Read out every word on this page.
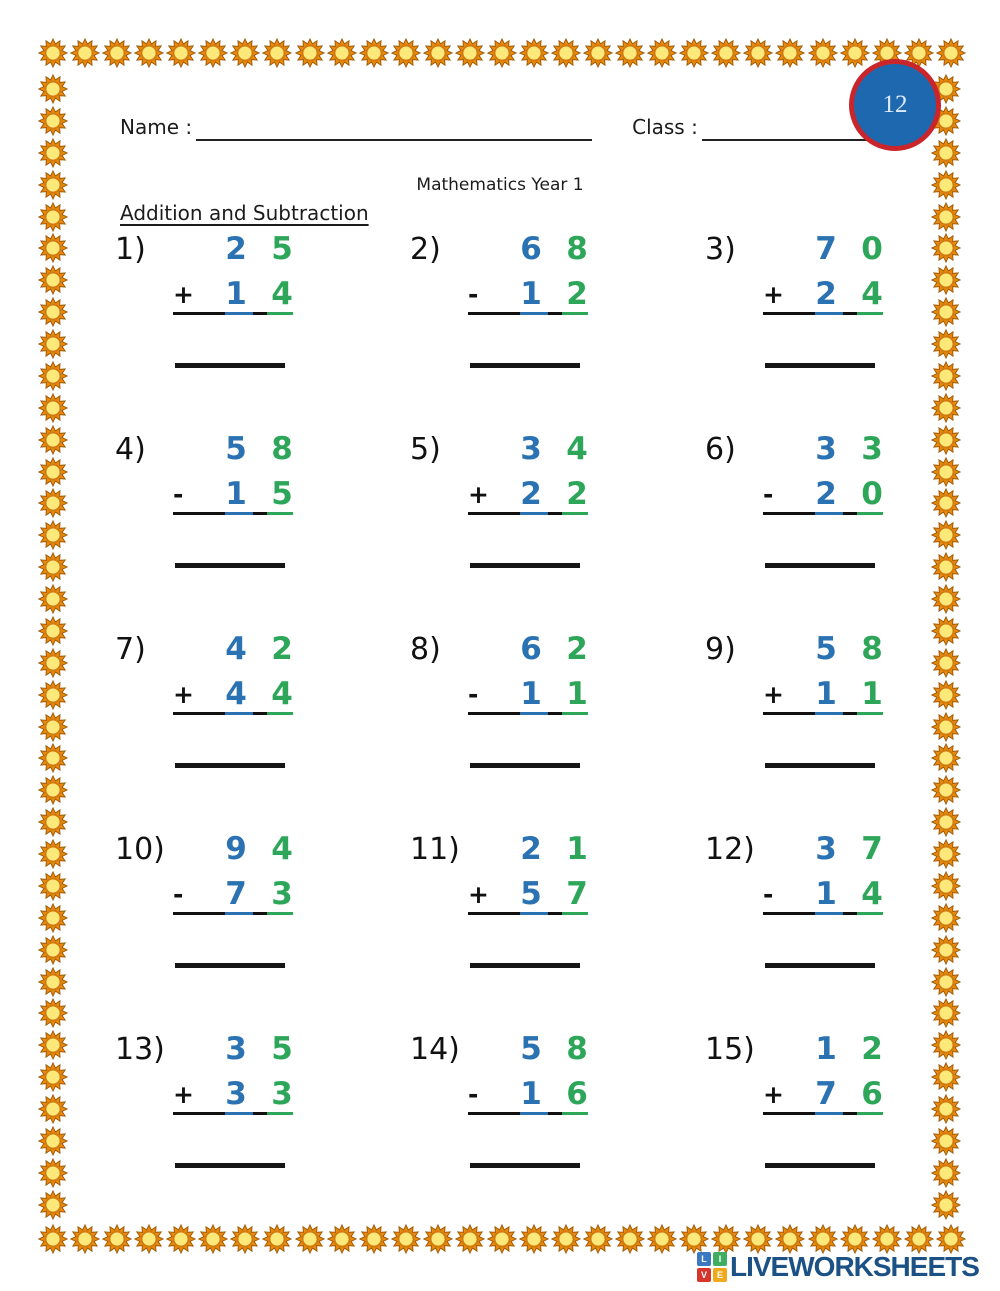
12
Name :	Class :
Mathematics Year 1
Addition and Subtraction
1)	2 5
+	1 4
2)	6 8
-	1 2
3)	7 0
+	2 4
4)	5 8
-	1 5
5)	3 4
+	2 2
6)	3 3
-	2 0
7)	4 2
+	4 4
8)	6 2
-	1 1
9)	5 8
+	1 1
10)	9 4
-	7 3
11)	2 1
+	5 7
12)	3 7
-	1 4
13)	3 5
+	3 3
14)	5 8
-	1 6
15)	1 2
+	7 6
L	I
V	E LIVEWORKSHEETS
